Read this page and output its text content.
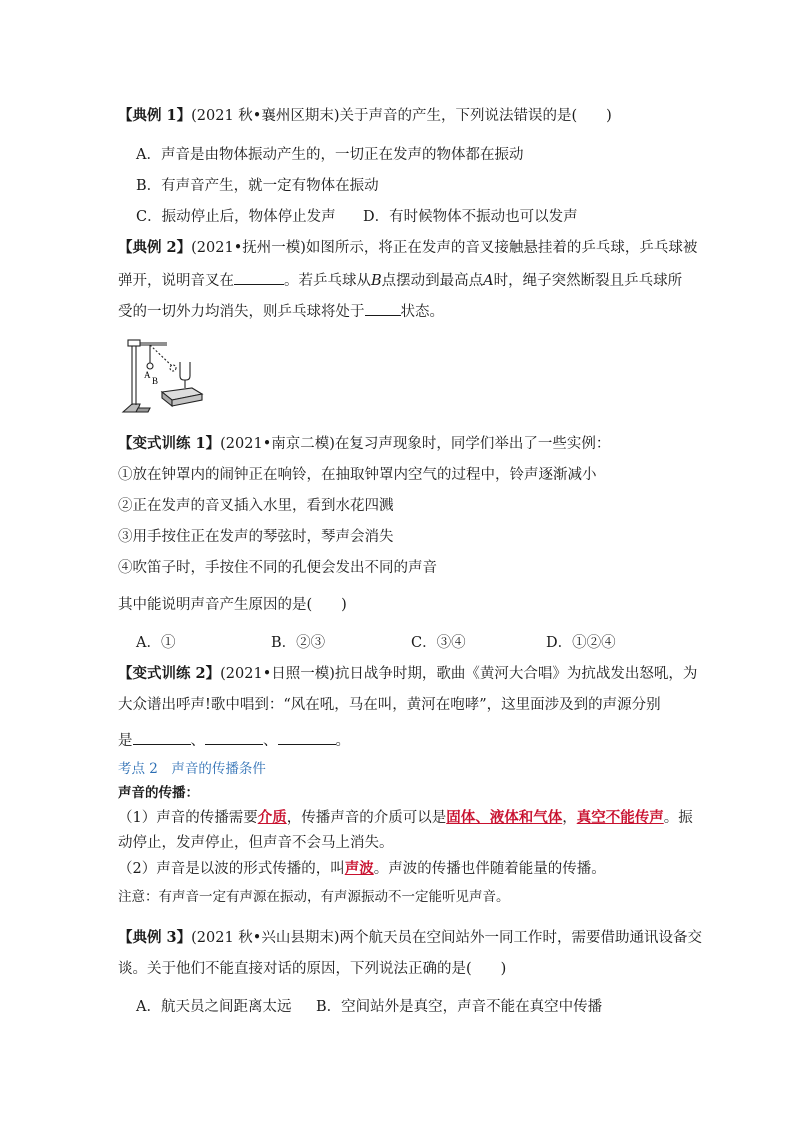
【典例 1】(2021 秋•襄州区期末)关于声音的产生，下列说法错误的是(　　)
A．声音是由物体振动产生的，一切正在发声的物体都在振动
B．有声音产生，就一定有物体在振动
C．振动停止后，物体停止发声 D．有时候物体不振动也可以发声
【典例 2】(2021•抚州一模)如图所示，将正在发声的音叉接触悬挂着的乒乓球，乒乓球被
弹开，说明音叉在	。若乒乓球从B点摆动到最高点A时，绳子突然断裂且乒乓球所
受的一切外力均消失，则乒乓球将处于 状态。
A
B
【变式训练 1】(2021•南京二模)在复习声现象时，同学们举出了一些实例：
①放在钟罩内的闹钟正在响铃，在抽取钟罩内空气的过程中，铃声逐渐减小
②正在发声的音叉插入水里，看到水花四溅
③用手按住正在发声的琴弦时，琴声会消失
④吹笛子时，手按住不同的孔便会发出不同的声音
其中能说明声音产生原因的是(　　)
A．①	B．②③	C．③④	D．①②④
【变式训练 2】(2021•日照一模)抗日战争时期，歌曲《黄河大合唱》为抗战发出怒吼，为
大众谱出呼声!歌中唱到：“风在吼，马在叫，黄河在咆哮”，这里面涉及到的声源分别
是	、	、	。
考点 2　声音的传播条件
声音的传播：
（1）声音的传播需要介质，传播声音的介质可以是固体、液体和气体，真空不能传声。振
动停止，发声停止，但声音不会马上消失。
（2）声音是以波的形式传播的，叫声波。声波的传播也伴随着能量的传播。
注意：有声音一定有声源在振动，有声源振动不一定能听见声音。
【典例 3】(2021 秋•兴山县期末)两个航天员在空间站外一同工作时，需要借助通讯设备交
谈。关于他们不能直接对话的原因，下列说法正确的是(　　)
A．航天员之间距离太远 B．空间站外是真空，声音不能在真空中传播
